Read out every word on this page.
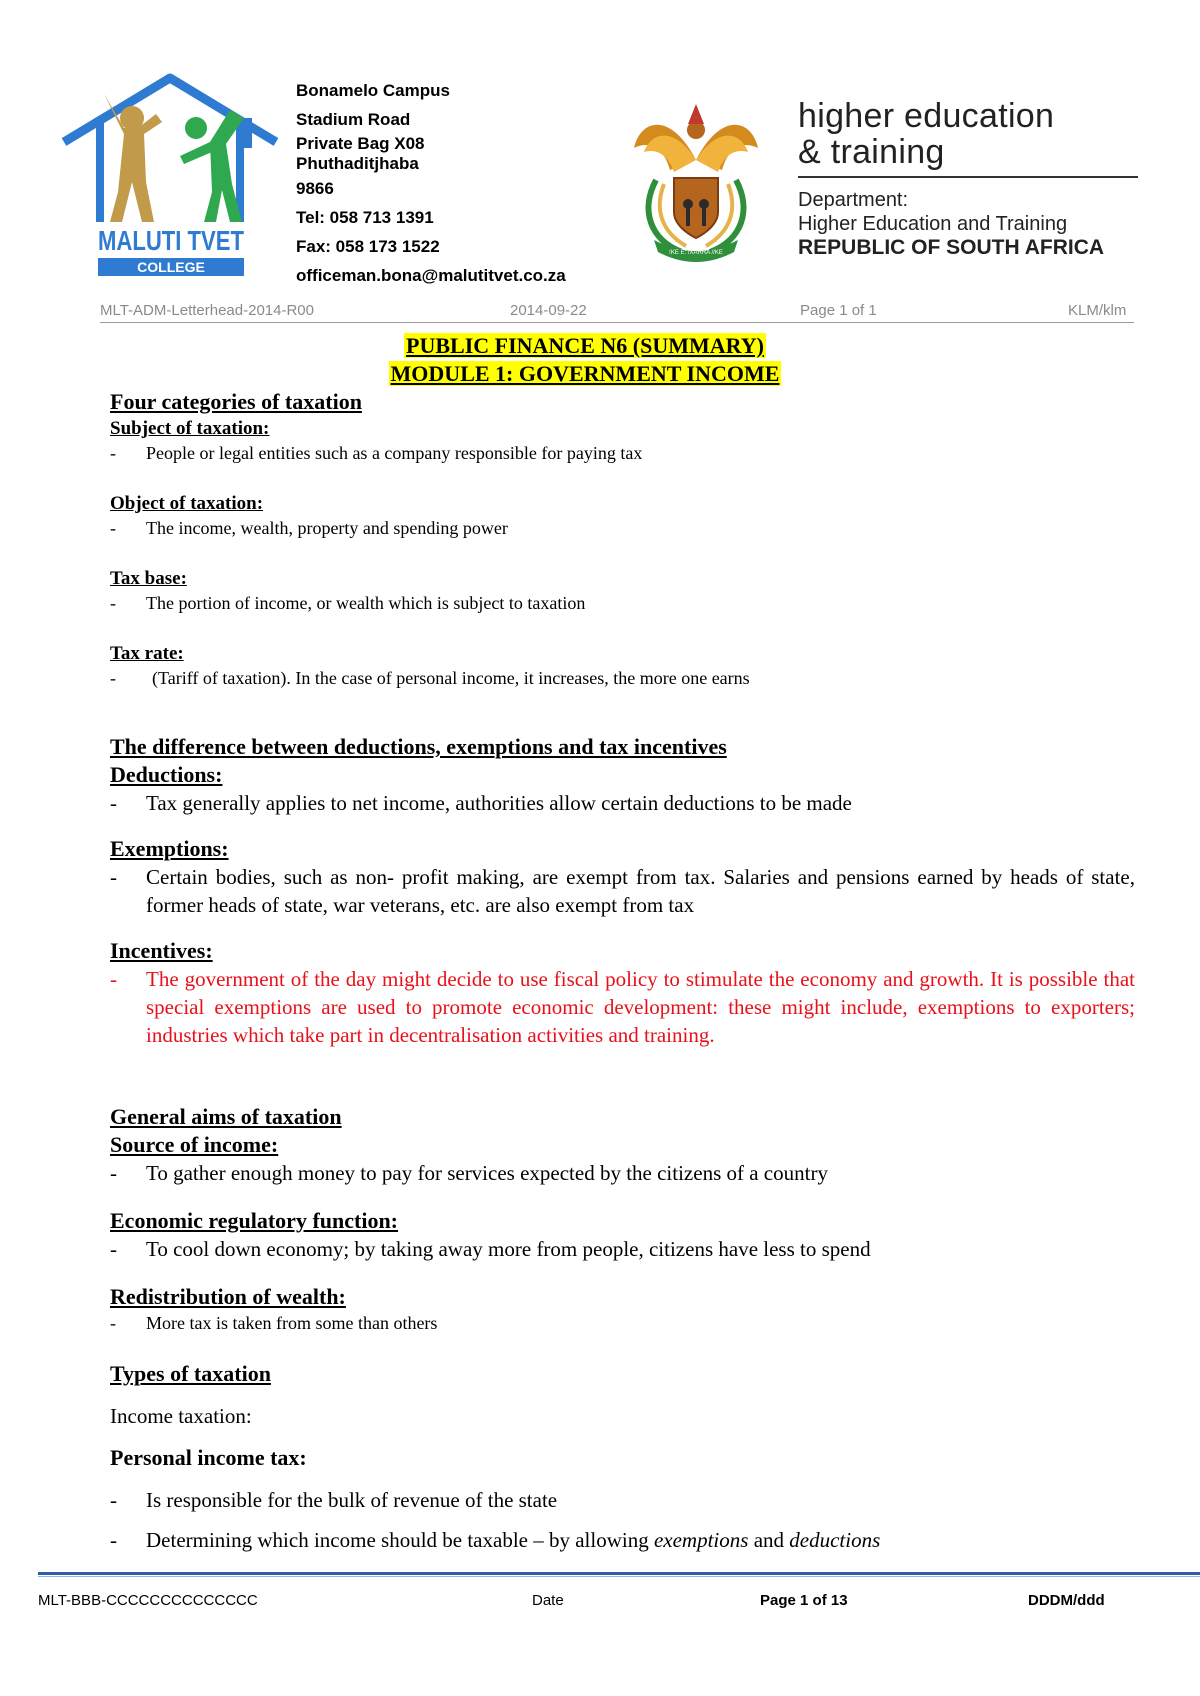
MALUTI TVET
COLLEGE
Bonamelo Campus
Stadium Road
Private Bag X08
Phuthaditjhaba
9866
Tel: 058 713 1391
Fax: 058 173 1522
officeman.bona@malutitvet.co.za
!KE E: /XARRA //KE
higher education
& training
Department:
Higher Education and Training
REPUBLIC OF SOUTH AFRICA
MLT-ADM-Letterhead-2014-R00	2014-09-22	Page 1 of 1	KLM/klm
PUBLIC FINANCE N6 (SUMMARY)
MODULE 1: GOVERNMENT INCOME
Four categories of taxation
Subject of taxation:
- People or legal entities such as a company responsible for paying tax
Object of taxation:
- The income, wealth, property and spending power
Tax base:
- The portion of income, or wealth which is subject to taxation
Tax rate:
- (Tariff of taxation). In the case of personal income, it increases, the more one earns
The difference between deductions, exemptions and tax incentives
Deductions:
- Tax generally applies to net income, authorities allow certain deductions to be made
Exemptions:
- Certain bodies, such as non- profit making, are exempt from tax. Salaries and pensions earned by heads of state, former heads of state, war veterans, etc. are also exempt from tax
Incentives:
- The government of the day might decide to use fiscal policy to stimulate the economy and growth. It is possible that special exemptions are used to promote economic development: these might include, exemptions to exporters; industries which take part in decentralisation activities and training.
General aims of taxation
Source of income:
- To gather enough money to pay for services expected by the citizens of a country
Economic regulatory function:
- To cool down economy; by taking away more from people, citizens have less to spend
Redistribution of wealth:
- More tax is taken from some than others
Types of taxation
Income taxation:
Personal income tax:
- Is responsible for the bulk of revenue of the state
- Determining which income should be taxable – by allowing exemptions and deductions
MLT-BBB-CCCCCCCCCCCCCC	Date	Page 1 of 13	DDDM/ddd
